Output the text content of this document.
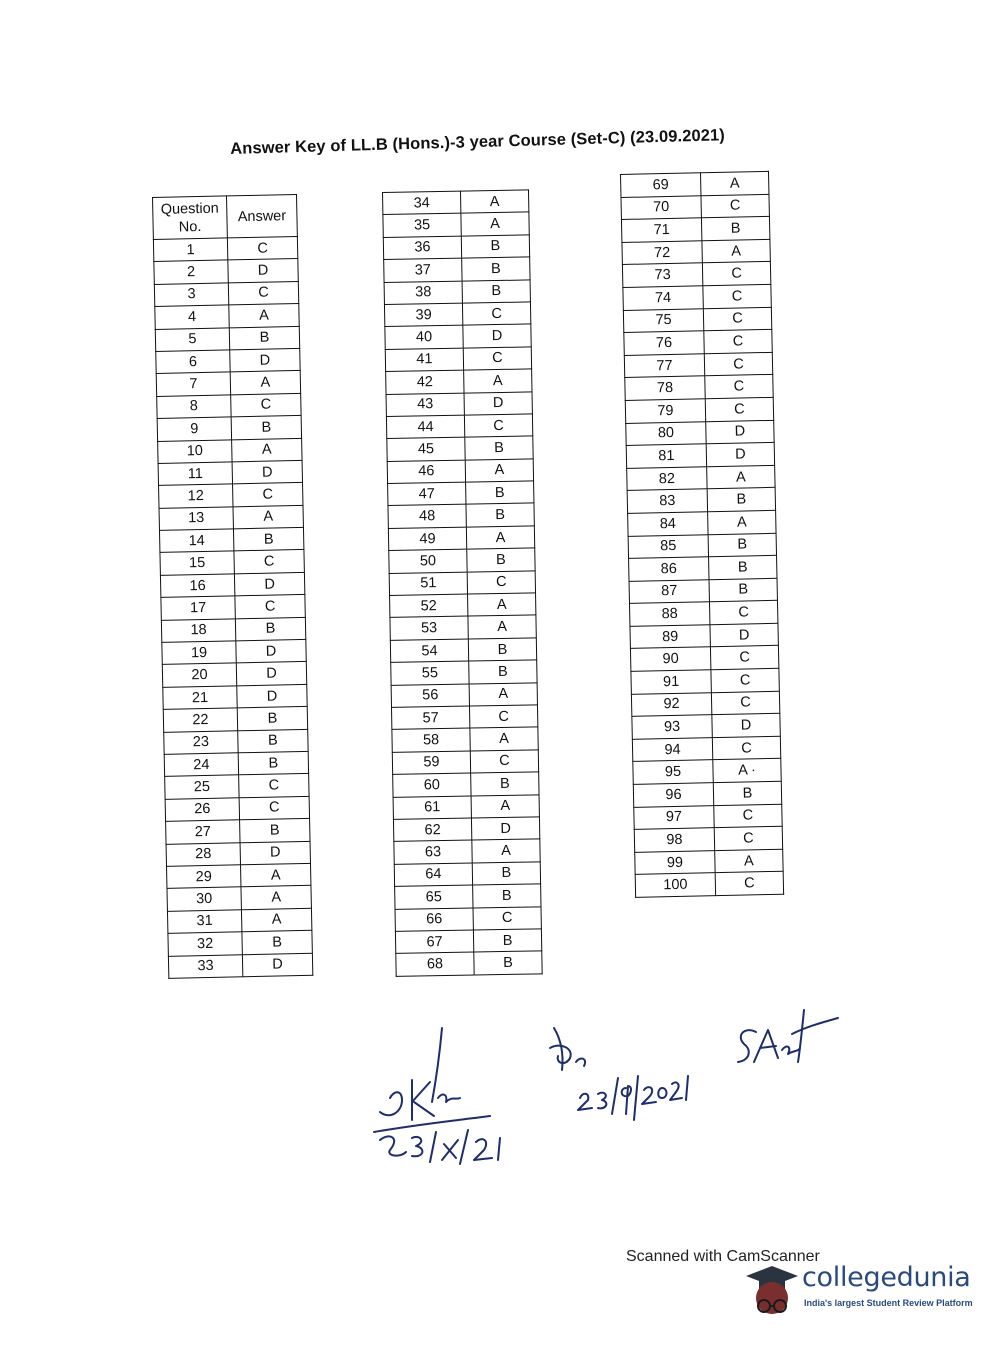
Answer Key of LL.B (Hons.)-3 year Course (Set-C) (23.09.2021)
Question No.	Answer
1	C
2	D
3	C
4	A
5	B
6	D
7	A
8	C
9	B
10	A
11	D
12	C
13	A
14	B
15	C
16	D
17	C
18	B
19	D
20	D
21	D
22	B
23	B
24	B
25	C
26	C
27	B
28	D
29	A
30	A
31	A
32	B
33	D
34	A
35	A
36	B
37	B
38	B
39	C
40	D
41	C
42	A
43	D
44	C
45	B
46	A
47	B
48	B
49	A
50	B
51	C
52	A
53	A
54	B
55	B
56	A
57	C
58	A
59	C
60	B
61	A
62	D
63	A
64	B
65	B
66	C
67	B
68	B
69	A
70	C
71	B
72	A
73	C
74	C
75	C
76	C
77	C
78	C
79	C
80	D
81	D
82	A
83	B
84	A
85	B
86	B
87	B
88	C
89	D
90	C
91	C
92	C
93	D
94	C
95	A ·
96	B
97	C
98	C
99	A
100	C
Scanned with CamScanner
collegedunia
India's largest Student Review Platform
